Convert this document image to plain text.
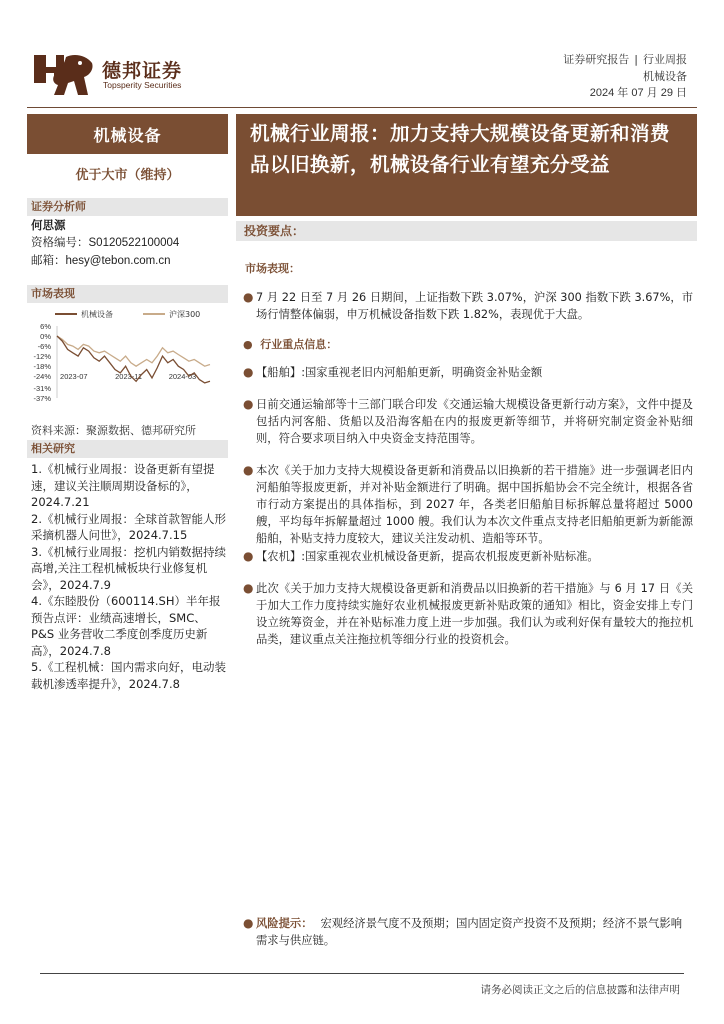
德邦证券
Topsperity Securities
证券研究报告 | 行业周报
机械设备
2024 年 07 月 29 日
机械设备
优于大市（维持）
证券分析师
何思源
资格编号：S0120522100004
邮箱：hesy@tebon.com.cn
市场表现
机械设备	沪深300
6%
0%
-6%
-12%
-18%
-24%
-31%
-37%
2023-07	2023-11	2024-03
资料来源：聚源数据、德邦研究所
相关研究
1.《机械行业周报：设备更新有望提速，建议关注顺周期设备标的》，2024.7.21
2.《机械行业周报：全球首款智能人形采摘机器人问世》，2024.7.15
3.《机械行业周报：挖机内销数据持续高增,关注工程机械板块行业修复机会》，2024.7.9
4.《东睦股份（600114.SH）半年报预告点评：业绩高速增长，SMC、P&S 业务营收二季度创季度历史新高》，2024.7.8
5.《工程机械：国内需求向好，电动装载机渗透率提升》，2024.7.8
机械行业周报：加力支持大规模设备更新和消费品以旧换新，机械设备行业有望充分受益
投资要点：
市场表现：
● 7 月 22 日至 7 月 26 日期间，上证指数下跌 3.07%，沪深 300 指数下跌 3.67%，市场行情整体偏弱，申万机械设备指数下跌 1.82%，表现优于大盘。
●  行业重点信息：
● 【船舶】:国家重视老旧内河船舶更新，明确资金补贴金额
● 日前交通运输部等十三部门联合印发《交通运输大规模设备更新行动方案》，文件中提及包括内河客船、货船以及沿海客船在内的报废更新等细节，并将研究制定资金补贴细则，符合要求项目纳入中央资金支持范围等。
● 本次《关于加力支持大规模设备更新和消费品以旧换新的若干措施》进一步强调老旧内河船舶等报废更新，并对补贴金额进行了明确。据中国拆船协会不完全统计，根据各省市行动方案提出的具体指标，到 2027 年，各类老旧船舶目标拆解总量将超过 5000 艘，平均每年拆解量超过 1000 艘。我们认为本次文件重点支持老旧船舶更新为新能源船舶，补贴支持力度较大，建议关注发动机、造船等环节。
● 【农机】:国家重视农业机械设备更新，提高农机报废更新补贴标准。
● 此次《关于加力支持大规模设备更新和消费品以旧换新的若干措施》与 6 月 17 日《关于加大工作力度持续实施好农业机械报废更新补贴政策的通知》相比，资金安排上专门设立统筹资金，并在补贴标准力度上进一步加强。我们认为或利好保有量较大的拖拉机品类，建议重点关注拖拉机等细分行业的投资机会。
● 风险提示： 宏观经济景气度不及预期；国内固定资产投资不及预期；经济不景气影响需求与供应链。
请务必阅读正文之后的信息披露和法律声明
